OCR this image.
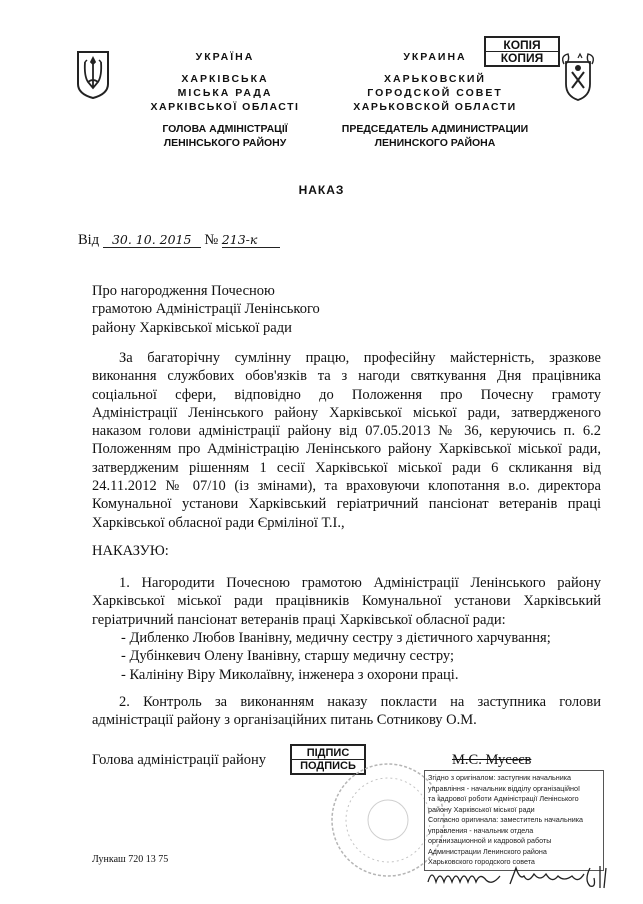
УКРАЇНА
ХАРКІВСЬКА
МІСЬКА РАДА
ХАРКІВСЬКОЇ ОБЛАСТІ
ГОЛОВА АДМІНІСТРАЦІЇ
ЛЕНІНСЬКОГО РАЙОНУ
УКРАИНА
ХАРЬКОВСКИЙ
ГОРОДСКОЙ СОВЕТ
ХАРЬКОВСКОЙ ОБЛАСТИ
ПРЕДСЕДАТЕЛЬ АДМИНИСТРАЦИИ
ЛЕНИНСКОГО РАЙОНА
КОПІЯ
КОПИЯ
НАКАЗ
Від 30. 10. 2015 № 213-к
Про нагородження Почесною
грамотою Адміністрації Ленінського
району Харківської міської ради
За багаторічну сумлінну працю, професійну майстерність, зразкове
виконання службових обов'язків та з нагоди святкування Дня працівника
соціальної сфери, відповідно до Положення про Почесну грамоту
Адміністрації Ленінського району Харківської міської ради, затвердженого
наказом голови адміністрації району від 07.05.2013 № 36, керуючись п. 6.2
Положенням про Адміністрацію Ленінського району Харківської міської ради,
затвердженим рішенням 1 сесії Харківської міської ради 6 скликання від
24.11.2012 № 07/10 (із змінами), та враховуючи клопотання в.о. директора
Комунальної установи Харківський геріатричний пансіонат ветеранів праці
Харківської обласної ради Єрміліної Т.І.,
НАКАЗУЮ:
1. Нагородити Почесною грамотою Адміністрації Ленінського району
Харківської міської ради працівників Комунальної установи Харківський
геріатричний пансіонат ветеранів праці Харківської обласної ради:
- Дибленко Любов Іванівну, медичну сестру з дієтичного харчування;
- Дубінкевич Олену Іванівну, старшу медичну сестру;
- Калініну Віру Миколаївну, інженера з охорони праці.
2. Контроль за виконанням наказу покласти на заступника голови
адміністрації району з організаційних питань Сотникову О.М.
Голова адміністрації району	ПІДПИС
ПОДПИСЬ	М.С. Мусеєв
Згідно з оригіналом: заступник начальника
управління - начальник відділу організаційної
та кадрової роботи Адміністрації Ленінського
району Харківської міської ради
Согласно оригинала: заместитель начальника
управления - начальник отдела
организационной и кадровой работы
Администрации Ленинского района
Харьковского городского совета
Лункаш 720 13 75
